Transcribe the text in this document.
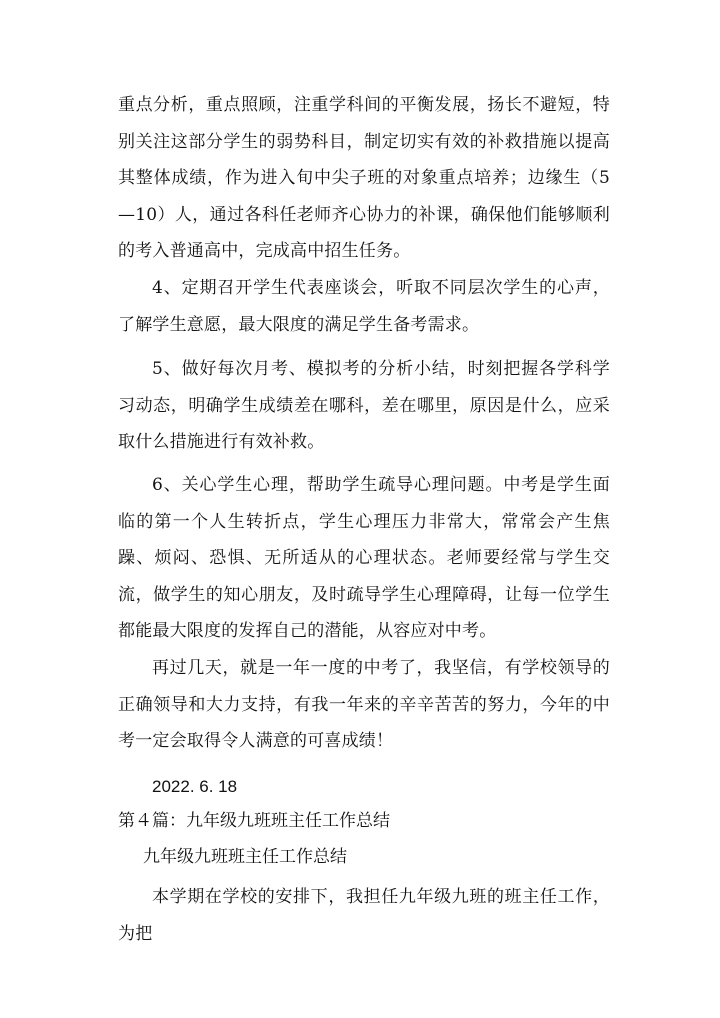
重点分析，重点照顾，注重学科间的平衡发展，扬长不避短，特别关注这部分学生的弱势科目，制定切实有效的补救措施以提高其整体成绩，作为进入旬中尖子班的对象重点培养；边缘生（5—10）人，通过各科任老师齐心协力的补课，确保他们能够顺利的考入普通高中，完成高中招生任务。
4、定期召开学生代表座谈会，听取不同层次学生的心声，了解学生意愿，最大限度的满足学生备考需求。
5、做好每次月考、模拟考的分析小结，时刻把握各学科学习动态，明确学生成绩差在哪科，差在哪里，原因是什么，应采取什么措施进行有效补救。
6、关心学生心理，帮助学生疏导心理问题。中考是学生面临的第一个人生转折点，学生心理压力非常大，常常会产生焦躁、烦闷、恐惧、无所适从的心理状态。老师要经常与学生交流，做学生的知心朋友，及时疏导学生心理障碍，让每一位学生都能最大限度的发挥自己的潜能，从容应对中考。
再过几天，就是一年一度的中考了，我坚信，有学校领导的正确领导和大力支持，有我一年来的辛辛苦苦的努力，今年的中考一定会取得令人满意的可喜成绩！
2022. 6. 18
第４篇：九年级九班班主任工作总结
九年级九班班主任工作总结
本学期在学校的安排下，我担任九年级九班的班主任工作，为把
